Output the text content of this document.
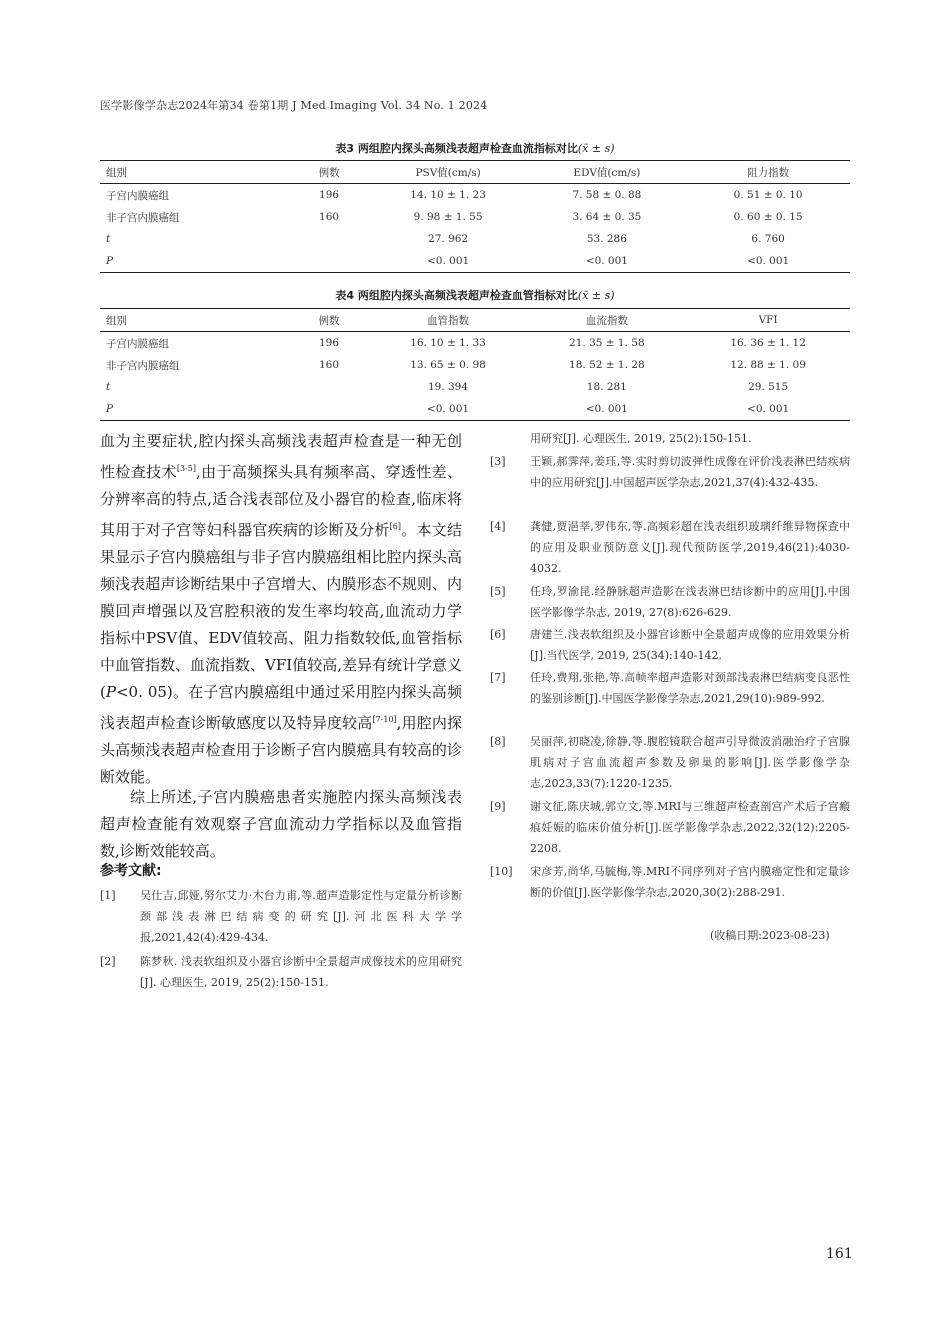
医学影像学杂志2024年第34 卷第1期 J Med Imaging Vol. 34 No. 1 2024
表3 两组腔内探头高频浅表超声检查血流指标对比(x̄ ± s)
组别	例数	PSV值(cm/s)	EDV值(cm/s)	阻力指数
子宫内膜癌组	196	14. 10 ± 1. 23	7. 58 ± 0. 88	0. 51 ± 0. 10
非子宫内膜癌组	160	9. 98 ± 1. 55	3. 64 ± 0. 35	0. 60 ± 0. 15
t		27. 962	53. 286	6. 760
P		<0. 001	<0. 001	<0. 001
表4 两组腔内探头高频浅表超声检查血管指标对比(x̄ ± s)
组别	例数	血管指数	血流指数	VFI
子宫内膜癌组	196	16. 10 ± 1. 33	21. 35 ± 1. 58	16. 36 ± 1. 12
非子宫内膜癌组	160	13. 65 ± 0. 98	18. 52 ± 1. 28	12. 88 ± 1. 09
t		19. 394	18. 281	29. 515
P		<0. 001	<0. 001	<0. 001

血为主要症状,腔内探头高频浅表超声检查是一种无创性检查技术[3-5],由于高频探头具有频率高、穿透性差、分辨率高的特点,适合浅表部位及小器官的检查,临床将其用于对子宫等妇科器官疾病的诊断及分析[6]。本文结果显示子宫内膜癌组与非子宫内膜癌组相比腔内探头高频浅表超声诊断结果中子宫增大、内膜形态不规则、内膜回声增强以及宫腔积液的发生率均较高,血流动力学指标中PSV值、EDV值较高、阻力指数较低,血管指标中血管指数、血流指数、VFI值较高,差异有统计学意义(P<0. 05)。在子宫内膜癌组中通过采用腔内探头高频浅表超声检查诊断敏感度以及特异度较高[7-10],用腔内探头高频浅表超声检查用于诊断子宫内膜癌具有较高的诊断效能。

综上所述,子宫内膜癌患者实施腔内探头高频浅表超声检查能有效观察子宫血流动力学指标以及血管指数,诊断效能较高。
参考文献:
[1]	吴仕吉,邱娅,努尔艾力·木台力甫,等.超声造影定性与定量分析诊断颈部浅表淋巴结病变的研究[J].河北医科大学学报,2021,42(4):429-434.
[2]	陈梦秋. 浅表软组织及小器官诊断中全景超声成像技术的应用研究[J]. 心理医生, 2019, 25(2):150-151.
用研究[J]. 心理医生, 2019, 25(2):150-151.
[3]	王颖,郝霁萍,姜珏,等.实时剪切波弹性成像在评价浅表淋巴结疾病中的应用研究[J].中国超声医学杂志,2021,37(4):432-435.
[4]	龚健,贾浥莘,罗伟东,等.高频彩超在浅表组织玻璃纤维异物探查中的应用及职业预防意义[J].现代预防医学,2019,46(21):4030-4032.
[5]	任玲,罗渝昆.经静脉超声造影在浅表淋巴结诊断中的应用[J].中国医学影像学杂志, 2019, 27(8):626-629.
[6]	唐建兰.浅表软组织及小器官诊断中全景超声成像的应用效果分析[J].当代医学, 2019, 25(34):140-142.
[7]	任玲,费翔,张艳,等.高帧率超声造影对颈部浅表淋巴结病变良恶性的鉴别诊断[J].中国医学影像学杂志,2021,29(10):989-992.
[8]	吴丽萍,初晓凌,徐静,等.腹腔镜联合超声引导微波消融治疗子宫腺肌病对子宫血流超声参数及卵巢的影响[J].医学影像学杂志,2023,33(7):1220-1235.
[9]	谢文征,陈庆城,郭立文,等.MRI与三维超声检查剖宫产术后子宫瘢痕妊娠的临床价值分析[J].医学影像学杂志,2022,32(12):2205-2208.
[10]	宋彦芳,尚华,马毓梅,等.MRI不同序列对子宫内膜癌定性和定量诊断的价值[J].医学影像学杂志,2020,30(2):288-291.
(收稿日期:2023-08-23)
161
